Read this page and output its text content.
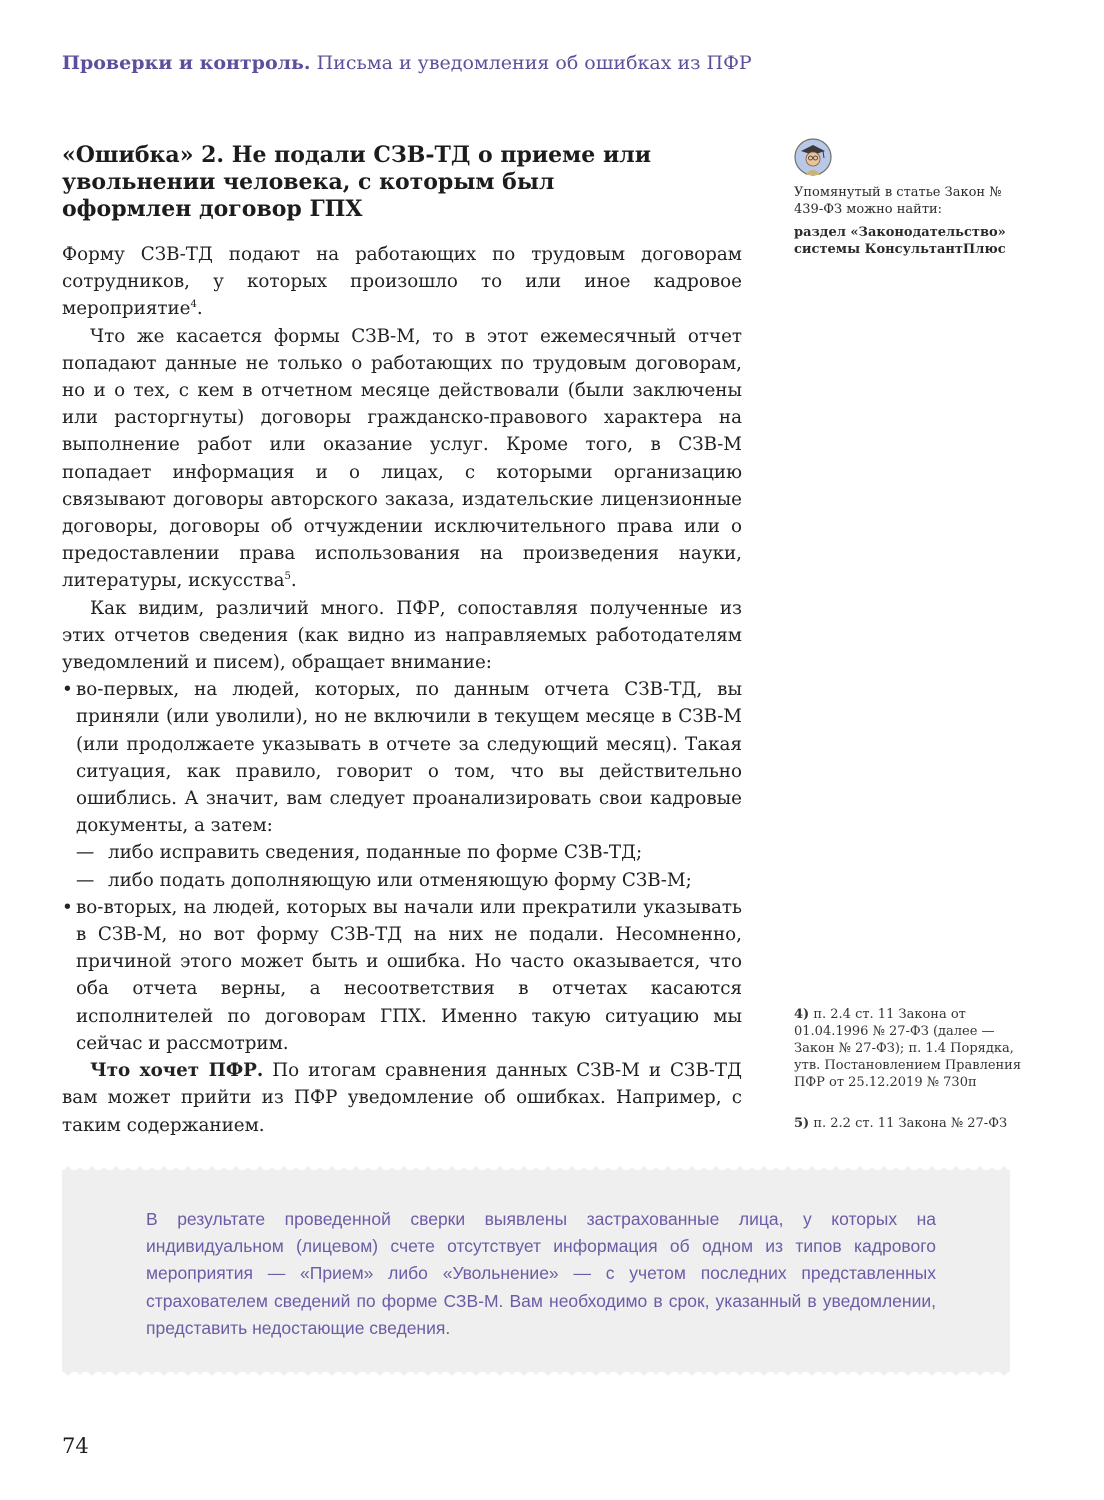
Проверки и контроль. Письма и уведомления об ошибках из ПФР
«Ошибка» 2. Не подали СЗВ-ТД о приеме или увольнении человека, с которым был оформлен договор ГПХ

Форму СЗВ-ТД подают на работающих по трудовым договорам сотрудников, у которых произошло то или иное кадровое мероприятие$^4$.

Что же касается формы СЗВ-М, то в этот ежемесячный отчет попадают данные не только о работающих по трудовым договорам, но и о тех, с кем в отчетном месяце действовали (были заключены или расторгнуты) договоры гражданско-правового характера на выполнение работ или оказание услуг. Кроме того, в СЗВ-М попадает информация и о лицах, с которыми организацию связывают договоры авторского заказа, издательские лицензионные договоры, договоры об отчуждении исключительного права или о предоставлении права использования на произведения науки, литературы, искусства$^5$.

Как видим, различий много. ПФР, сопоставляя полученные из этих отчетов сведения (как видно из направляемых работодателям уведомлений и писем), обращает внимание:

• во-первых, на людей, которых, по данным отчета СЗВ-ТД, вы приняли (или уволили), но не включили в текущем месяце в СЗВ-М (или продолжаете указывать в отчете за следующий месяц). Такая ситуация, как правило, говорит о том, что вы действительно ошиблись. А значит, вам следует проанализировать свои кадровые документы, а затем:
— либо исправить сведения, поданные по форме СЗВ-ТД;
— либо подать дополняющую или отменяющую форму СЗВ-М;
• во-вторых, на людей, которых вы начали или прекратили указывать в СЗВ-М, но вот форму СЗВ-ТД на них не подали. Несомненно, причиной этого может быть и ошибка. Но часто оказывается, что оба отчета верны, а несоответствия в отчетах касаются исполнителей по договорам ГПХ. Именно такую ситуацию мы сейчас и рассмотрим.

Что хочет ПФР. По итогам сравнения данных СЗВ-М и СЗВ-ТД вам может прийти из ПФР уведомление об ошибках. Например, с таким содержанием.

Упомянутый в статье Закон № 439-ФЗ можно найти:
раздел «Законодательство» системы КонсультантПлюс
4) п. 2.4 ст. 11 Закона от 01.04.1996 № 27-ФЗ (далее — Закон № 27-ФЗ); п. 1.4 Порядка, утв. Постановлением Правления ПФР от 25.12.2019 № 730п
5) п. 2.2 ст. 11 Закона № 27-ФЗ
В результате проведенной сверки выявлены застрахованные лица, у которых на индивидуальном (лицевом) счете отсутствует информация об одном из типов кадрового мероприятия — «Прием» либо «Увольнение» — с учетом последних представленных страхователем сведений по форме СЗВ-М. Вам необходимо в срок, указанный в уведомлении, представить недостающие сведения.
74
